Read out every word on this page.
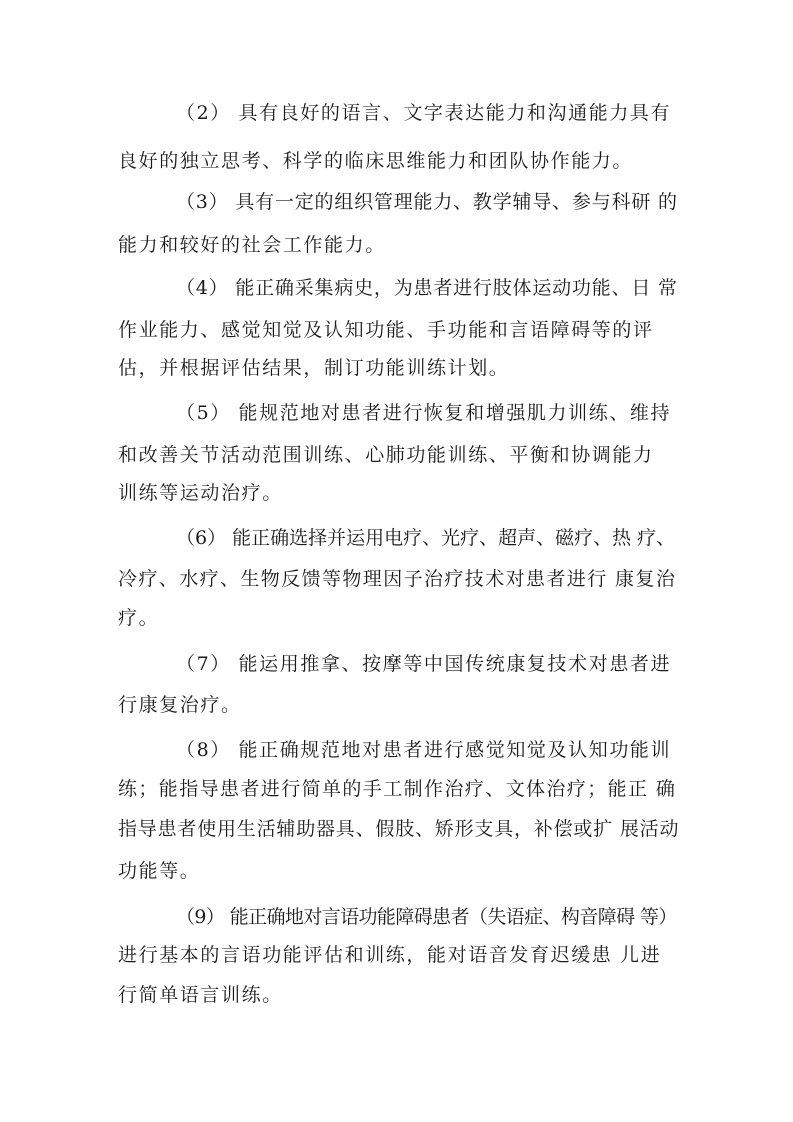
（2） 具有良好的语言、文字表达能力和沟通能力具有
良好的独立思考、科学的临床思维能力和团队协作能力。
（3） 具有一定的组织管理能力、教学辅导、参与科研 的
能力和较好的社会工作能力。
（4） 能正确采集病史，为患者进行肢体运动功能、日 常
作业能力、感觉知觉及认知功能、手功能和言语障碍等的评
估，并根据评估结果，制订功能训练计划。
（5） 能规范地对患者进行恢复和增强肌力训练、维持
和改善关节活动范围训练、心肺功能训练、平衡和协调能力
训练等运动治疗。
（6） 能正确选择并运用电疗、光疗、超声、磁疗、热 疗、
冷疗、水疗、生物反馈等物理因子治疗技术对患者进行 康复治
疗。
（7） 能运用推拿、按摩等中国传统康复技术对患者进
行康复治疗。
（8） 能正确规范地对患者进行感觉知觉及认知功能训
练；能指导患者进行简单的手工制作治疗、文体治疗；能正 确
指导患者使用生活辅助器具、假肢、矫形支具，补偿或扩 展活动
功能等。
（9） 能正确地对言语功能障碍患者（失语症、构音障碍 等）
进行基本的言语功能评估和训练，能对语音发育迟缓患 儿进
行简单语言训练。
